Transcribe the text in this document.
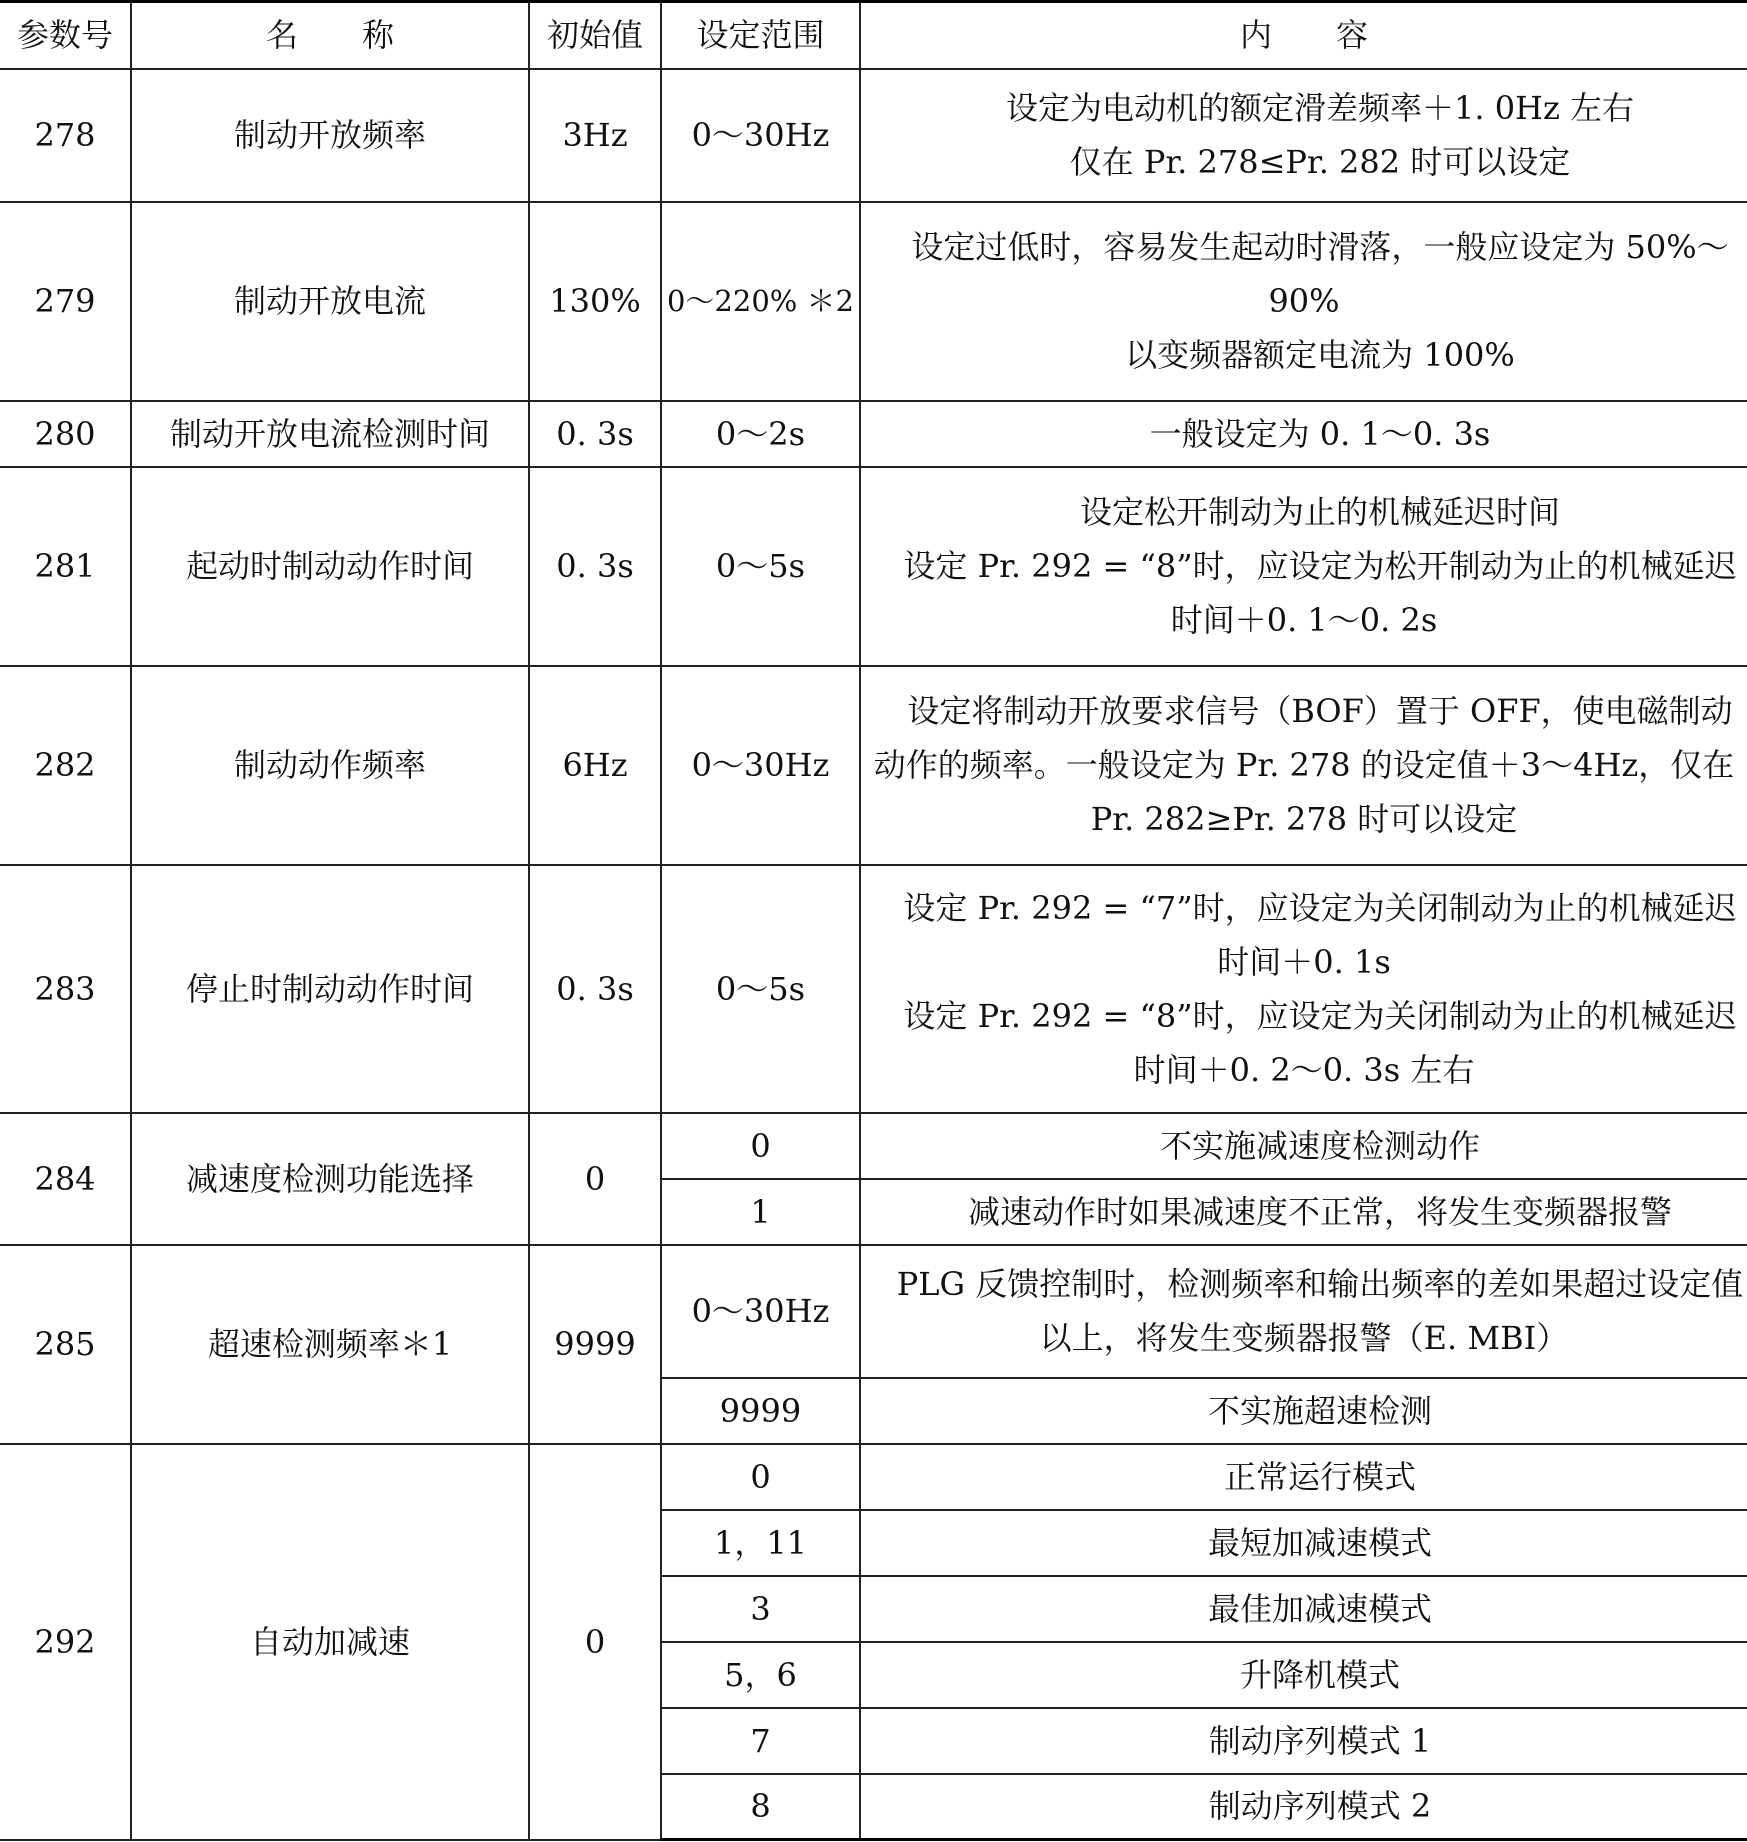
参数号	名　　称	初始值	设定范围	内　　容
278	制动开放频率	3Hz	0～30Hz	设定为电动机的额定滑差频率＋1. 0Hz 左右

仅在 Pr. 278≤Pr. 282 时可以设定

279	制动开放电流	130%	0～220% ＊2	设定过低时，容易发生起动时滑落，一般应设定为 50%～90%

以变频器额定电流为 100%

280	制动开放电流检测时间	0. 3s	0～2s	一般设定为 0. 1～0. 3s

281	起动时制动动作时间	0. 3s	0～5s	设定松开制动为止的机械延迟时间

设定 Pr. 292 = “8”时，应设定为松开制动为止的机械延迟时间＋0. 1～0. 2s

282	制动动作频率	6Hz	0～30Hz	设定将制动开放要求信号（BOF）置于 OFF，使电磁制动动作的频率。一般设定为 Pr. 278 的设定值＋3～4Hz，仅在 Pr. 282≥Pr. 278 时可以设定

283	停止时制动动作时间	0. 3s	0～5s	设定 Pr. 292 = “7”时，应设定为关闭制动为止的机械延迟时间＋0. 1s

设定 Pr. 292 = “8”时，应设定为关闭制动为止的机械延迟时间＋0. 2～0. 3s 左右

284	减速度检测功能选择	0	0	不实施减速度检测动作

			1	减速动作时如果减速度不正常，将发生变频器报警

285	超速检测频率＊1	9999	0～30Hz	PLG 反馈控制时，检测频率和输出频率的差如果超过设定值以上，将发生变频器报警（E. MBI）

			9999	不实施超速检测

292	自动加减速	0	0	正常运行模式

			1，11	最短加减速模式

			3	最佳加减速模式

			5，6	升降机模式

			7	制动序列模式 1

			8	制动序列模式 2
